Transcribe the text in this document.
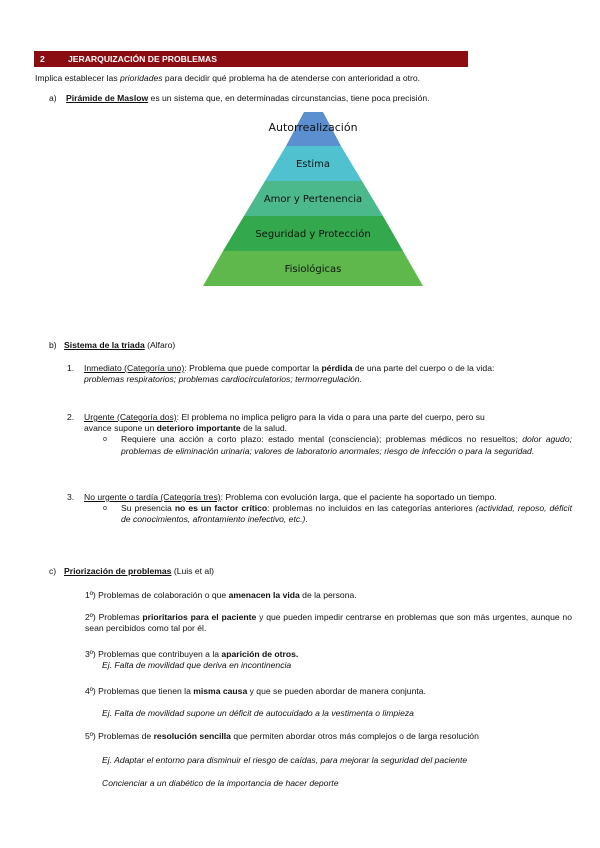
2	JERARQUIZACIÓN DE PROBLEMAS
Implica establecer las prioridades para decidir qué problema ha de atenderse con anterioridad a otro.
a) Pirámide de Maslow es un sistema que, en determinadas circunstancias, tiene poca precisión.
Autorrealización
Estima
Amor y Pertenencia
Seguridad y Protección
Fisiológicas
b) Sistema de la triada (Alfaro)
1. Inmediato (Categoría uno): Problema que puede comportar la pérdida de una parte del cuerpo o de la vida:
problemas respiratorios; problemas cardiocirculatorios; termorregulación.
2. Urgente (Categoría dos): El problema no implica peligro para la vida o para una parte del cuerpo, pero su
avance supone un deterioro importante de la salud.
o Requiere una acción a corto plazo: estado mental (consciencia); problemas médicos no resueltos; dolor agudo; problemas de eliminación urinaria; valores de laboratorio anormales; riesgo de infección o para la seguridad.
3. No urgente o tardía (Categoría tres): Problema con evolución larga, que el paciente ha soportado un tiempo.
o Su presencia no es un factor crítico: problemas no incluidos en las categorías anteriores (actividad, reposo, déficit de conocimientos, afrontamiento inefectivo, etc.).
c) Priorización de problemas (Luis et al)
1º) Problemas de colaboración o que amenacen la vida de la persona.
2º) Problemas prioritarios para el paciente y que pueden impedir centrarse en problemas que son más urgentes, aunque no sean percibidos como tal por él.
3º) Problemas que contribuyen a la aparición de otros.
Ej. Falta de movilidad que deriva en incontinencia
4º) Problemas que tienen la misma causa y que se pueden abordar de manera conjunta.
Ej. Falta de movilidad supone un déficit de autocuidado a la vestimenta o limpieza
5º) Problemas de resolución sencilla que permiten abordar otros más complejos o de larga resolución
Ej. Adaptar el entorno para disminuir el riesgo de caídas, para mejorar la seguridad del paciente
Concienciar a un diabético de la importancia de hacer deporte
